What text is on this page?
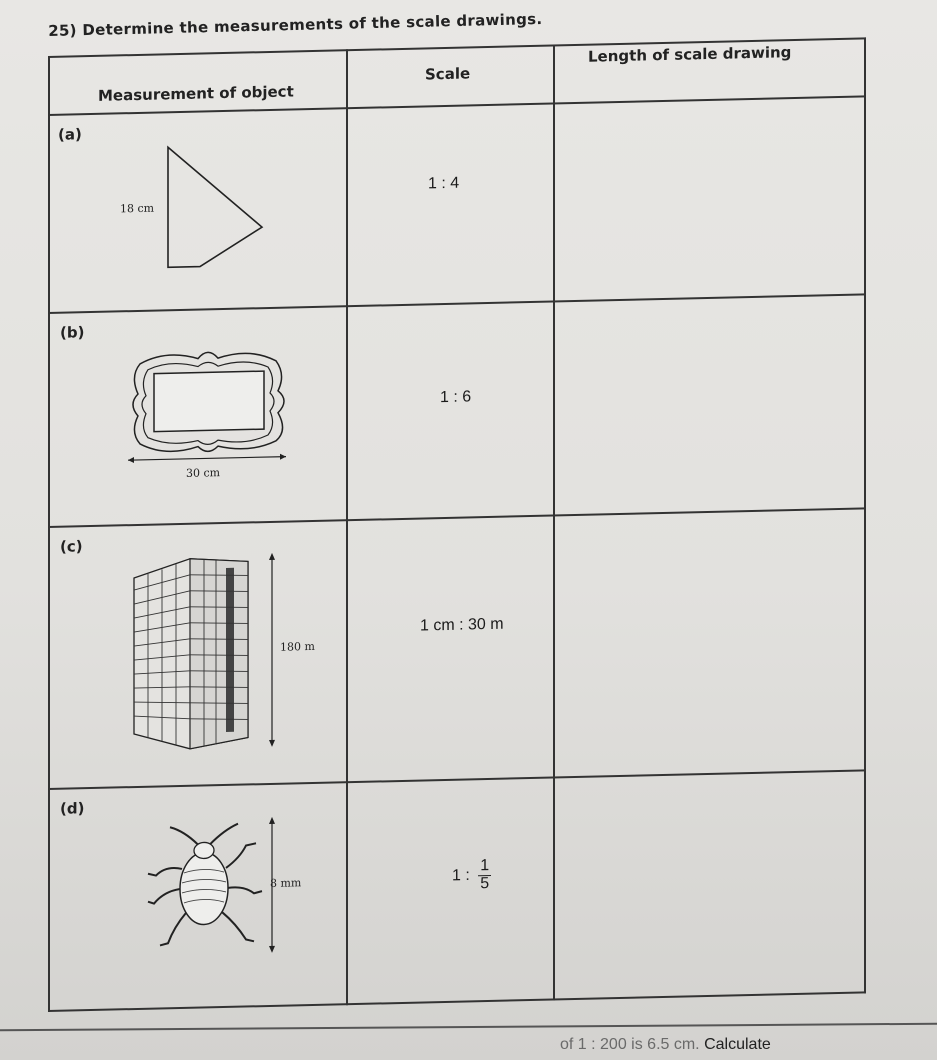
25) Determine the measurements of the scale drawings.
Measurement of object
Scale
Length of scale drawing
(a)
18 cm
1 : 4
(b)
30 cm
1 : 6
(c)
180 m
1 cm : 30 m
(d)
8 mm	1 : $\frac{1}{5}$
of 1 : 200 is 6.5 cm. Calculate
